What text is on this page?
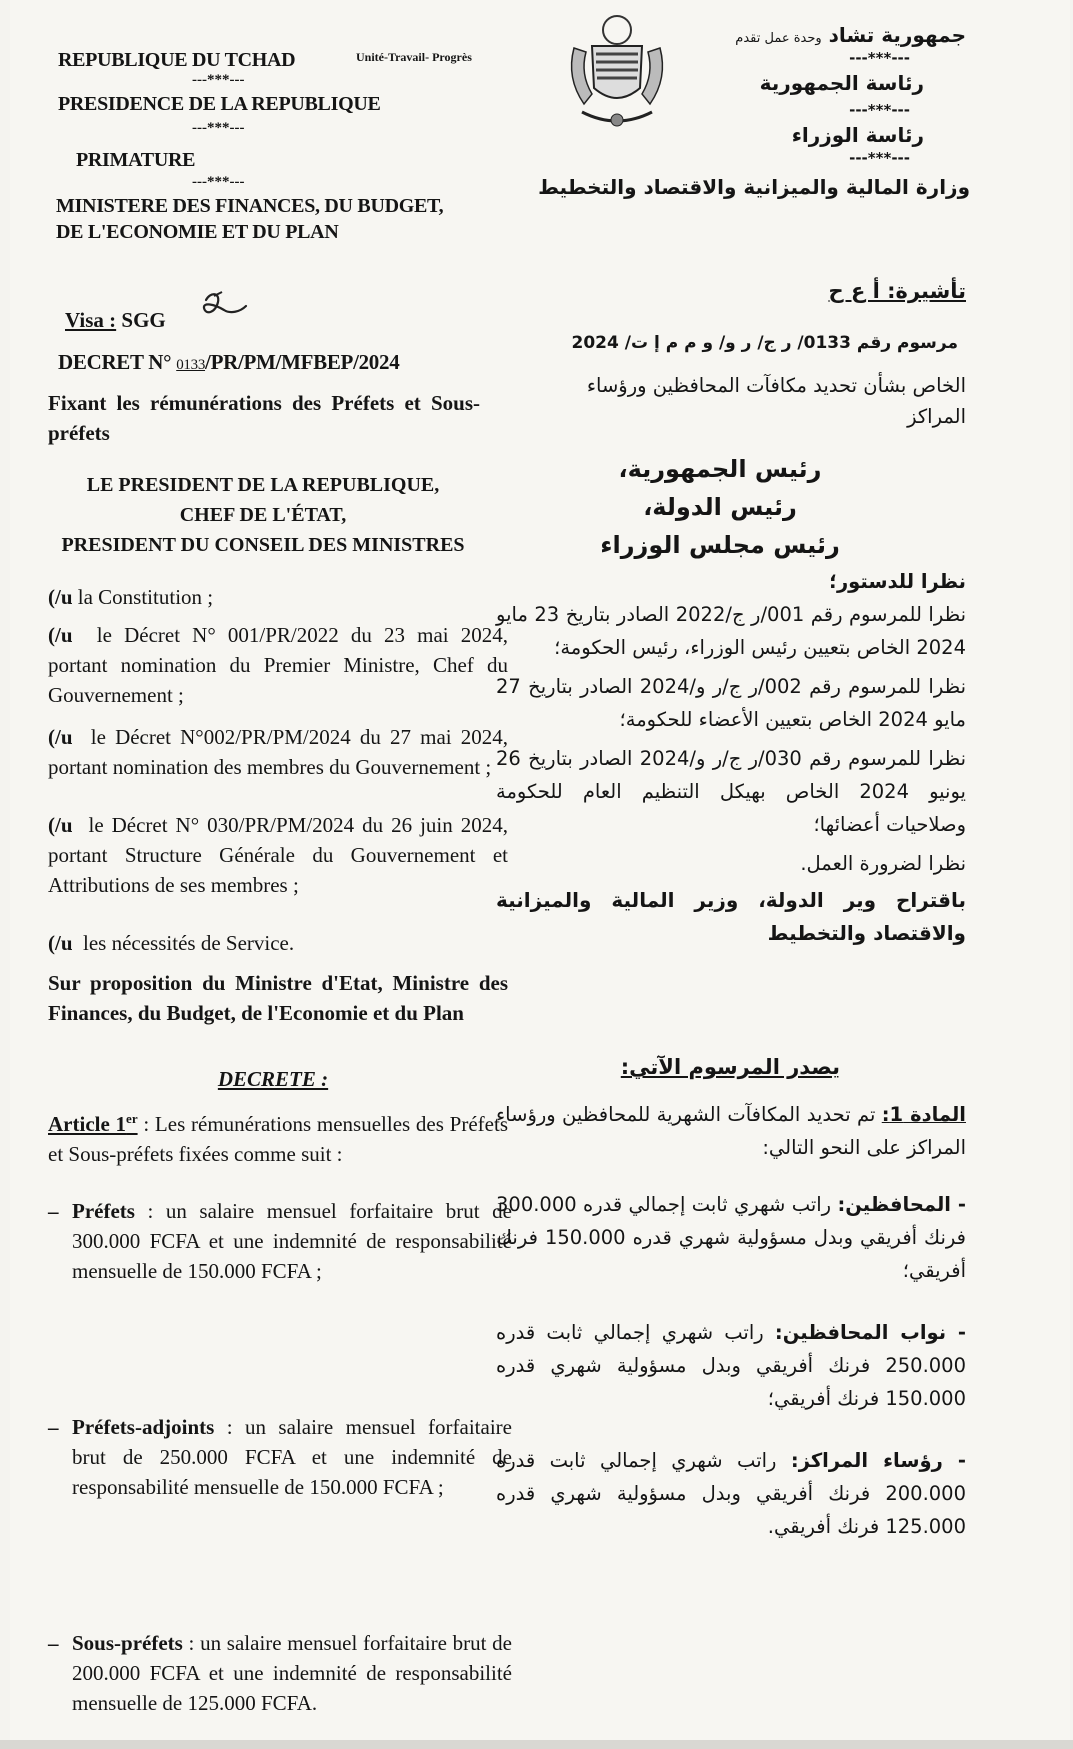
REPUBLIQUE DU TCHAD	Unité-Travail- Progrès
---***---
PRESIDENCE DE LA REPUBLIQUE
---***---
PRIMATURE
---***---
MINISTERE DES FINANCES, DU BUDGET,
DE L'ECONOMIE ET DU PLAN
Visa : SGG
DECRET N° 0133/PR/PM/MFBEP/2024
Fixant les rémunérations des Préfets et Sous-préfets
LE PRESIDENT DE LA REPUBLIQUE,
CHEF DE L'ÉTAT,
PRESIDENT DU CONSEIL DES MINISTRES
(/u la Constitution ;
(/u le Décret N° 001/PR/2022 du 23 mai 2024, portant nomination du Premier Ministre, Chef du Gouvernement ;
(/u le Décret N°002/PR/PM/2024 du 27 mai 2024, portant nomination des membres du Gouvernement ;
(/u le Décret N° 030/PR/PM/2024 du 26 juin 2024, portant Structure Générale du Gouvernement et Attributions de ses membres ;
(/u les nécessités de Service.
Sur proposition du Ministre d'Etat, Ministre des Finances, du Budget, de l'Economie et du Plan
DECRETE :
Article 1er : Les rémunérations mensuelles des Préfets et Sous-préfets fixées comme suit :
– Préfets : un salaire mensuel forfaitaire brut de 300.000 FCFA et une indemnité de responsabilité mensuelle de 150.000 FCFA ;
– Préfets-adjoints : un salaire mensuel forfaitaire brut de 250.000 FCFA et une indemnité de responsabilité mensuelle de 150.000 FCFA ;
– Sous-préfets : un salaire mensuel forfaitaire brut de 200.000 FCFA et une indemnité de responsabilité mensuelle de 125.000 FCFA.
جمهورية تشاد وحدة عمل تقدم
---***---
رئاسة الجمهورية
---***---
رئاسة الوزراء
---***---
وزارة المالية والميزانية والاقتصاد والتخطيط
تأشيرة: أ ع ح
مرسوم رقم 0133/ ر ج/ ر و/ و م م إ ت/ 2024
الخاص بشأن تحديد مكافآت المحافظين ورؤساء المراكز
رئيس الجمهورية،
رئيس الدولة،
رئيس مجلس الوزراء
نظرا للدستور؛
نظرا للمرسوم رقم 001/ر ج/2022 الصادر بتاريخ 23 مايو 2024 الخاص بتعيين رئيس الوزراء، رئيس الحكومة؛
نظرا للمرسوم رقم 002/ر ج/ر و/2024 الصادر بتاريخ 27 مايو 2024 الخاص بتعيين الأعضاء للحكومة؛
نظرا للمرسوم رقم 030/ر ج/ر و/2024 الصادر بتاريخ 26 يونيو 2024 الخاص بهيكل التنظيم العام للحكومة وصلاحيات أعضائها؛
نظرا لضرورة العمل.
باقتراح وير الدولة، وزير المالية والميزانية والاقتصاد والتخطيط
يصدر المرسوم الآتي:
المادة 1: تم تحديد المكافآت الشهرية للمحافظين ورؤساء المراكز على النحو التالي:
- المحافظين: راتب شهري ثابت إجمالي قدره 300.000 فرنك أفريقي وبدل مسؤولية شهري قدره 150.000 فرنك أفريقي؛
- نواب المحافظين: راتب شهري إجمالي ثابت قدره 250.000 فرنك أفريقي وبدل مسؤولية شهري قدره 150.000 فرنك أفريقي؛
- رؤساء المراكز: راتب شهري إجمالي ثابت قدره 200.000 فرنك أفريقي وبدل مسؤولية شهري قدره 125.000 فرنك أفريقي.
